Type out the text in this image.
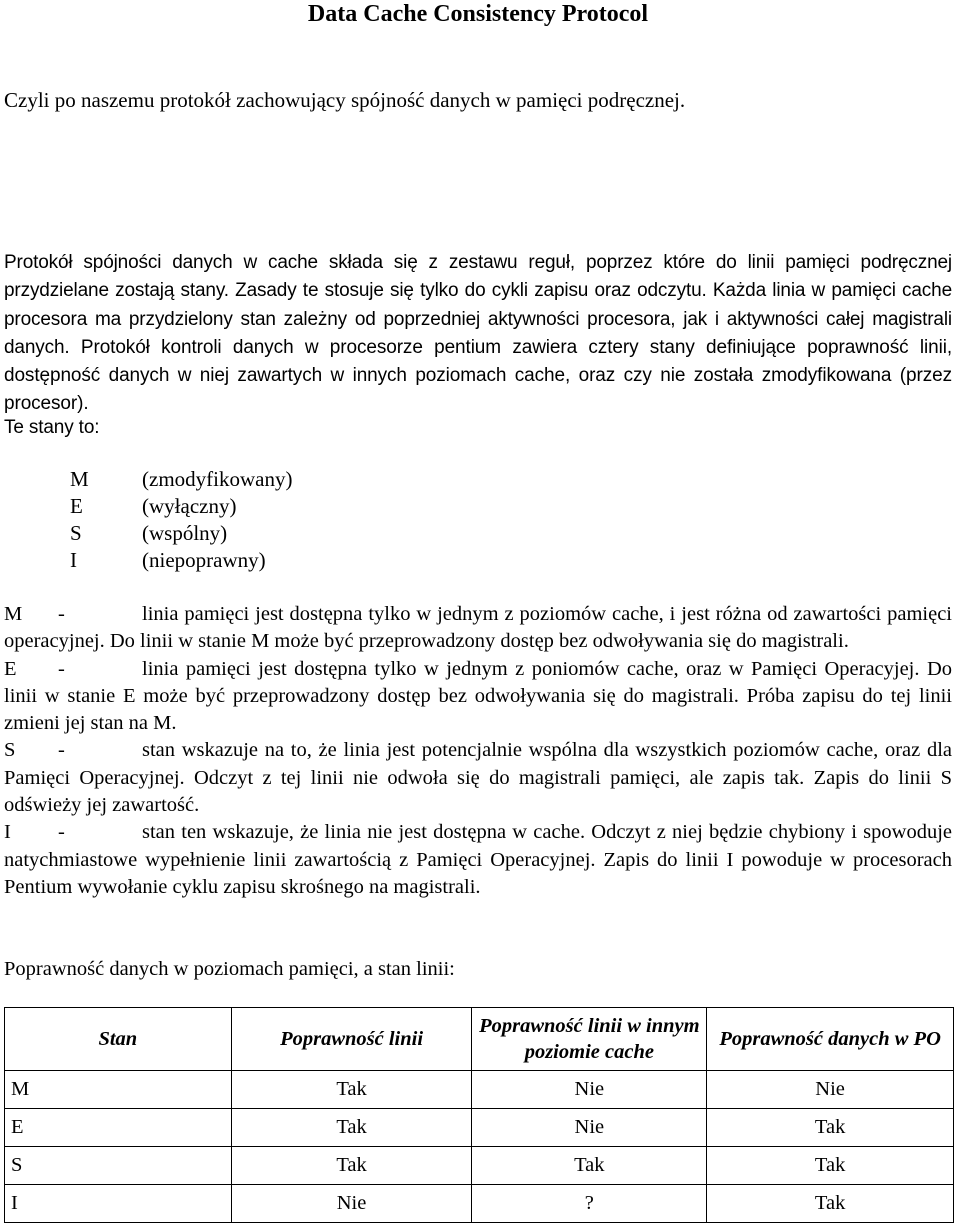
Data Cache Consistency Protocol

Czyli po naszemu protokół zachowujący spójność danych w pamięci podręcznej.

Protokół spójności danych w cache składa się z zestawu reguł, poprzez które do linii pamięci podręcznej przydzielane zostają stany. Zasady te stosuje się tylko do cykli zapisu oraz odczytu. Każda linia w pamięci cache procesora ma przydzielony stan zależny od poprzedniej aktywności procesora, jak i aktywności całej magistrali danych. Protokół kontroli danych w procesorze pentium zawiera cztery stany definiujące poprawność linii, dostępność danych w niej zawartych w innych poziomach cache, oraz czy nie została zmodyfikowana (przez procesor).

Te stany to:

M	(zmodyfikowany)
E	(wyłączny)
S	(wspólny)
I	(niepoprawny)

M -	linia pamięci jest dostępna tylko w jednym z poziomów cache, i jest różna od zawartości pamięci operacyjnej. Do linii w stanie M może być przeprowadzony dostęp bez odwoływania się do magistrali.

E -	linia pamięci jest dostępna tylko w jednym z poniomów cache, oraz w Pamięci Operacyjej. Do linii w stanie E może być przeprowadzony dostęp bez odwoływania się do magistrali. Próba zapisu do tej linii zmieni jej stan na M.

S -	stan wskazuje na to, że linia jest potencjalnie wspólna dla wszystkich poziomów cache, oraz dla Pamięci Operacyjnej. Odczyt z tej linii nie odwoła się do magistrali pamięci, ale zapis tak. Zapis do linii S odświeży jej zawartość.

I -	stan ten wskazuje, że linia nie jest dostępna w cache. Odczyt z niej będzie chybiony i spowoduje natychmiastowe wypełnienie linii zawartością z Pamięci Operacyjnej. Zapis do linii I powoduje w procesorach Pentium wywołanie cyklu zapisu skrośnego na magistrali.

Poprawność danych w poziomach pamięci, a stan linii:

Stan	Poprawność linii	Poprawność linii w innym poziomie cache	Poprawność danych w PO
M	Tak	Nie	Nie
E	Tak	Nie	Tak
S	Tak	Tak	Tak
I	Nie	?	Tak
